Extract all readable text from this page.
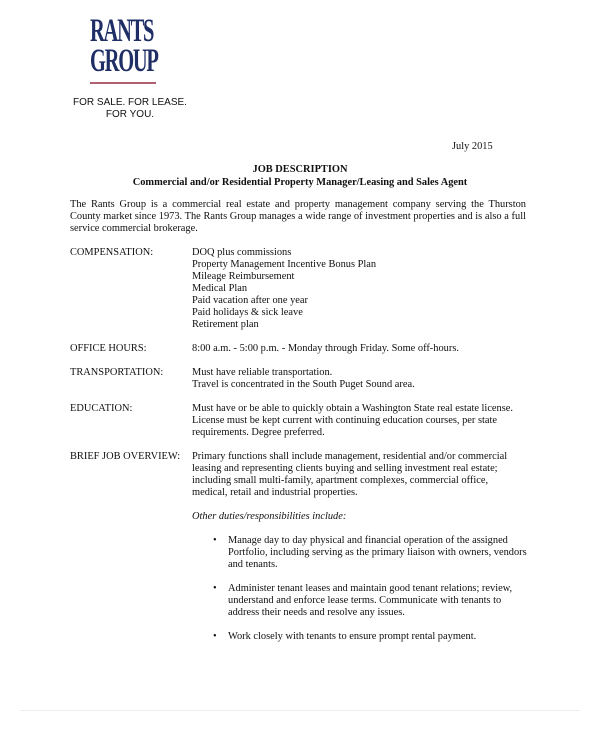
RANTS
GROUP
FOR SALE. FOR LEASE.
FOR YOU.
July 2015
JOB DESCRIPTION
Commercial and/or Residential Property Manager/Leasing and Sales Agent
The Rants Group is a commercial real estate and property management company serving the Thurston County market since 1973. The Rants Group manages a wide range of investment properties and is also a full service commercial brokerage.
COMPENSATION:	DOQ plus commissions
Property Management Incentive Bonus Plan
Mileage Reimbursement
Medical Plan
Paid vacation after one year
Paid holidays & sick leave
Retirement plan
OFFICE HOURS:	8:00 a.m. - 5:00 p.m. - Monday through Friday. Some off-hours.
TRANSPORTATION:	Must have reliable transportation.
Travel is concentrated in the South Puget Sound area.
EDUCATION:	Must have or be able to quickly obtain a Washington State real estate license. License must be kept current with continuing education courses, per state requirements. Degree preferred.
BRIEF JOB OVERVIEW: Primary functions shall include management, residential and/or commercial leasing and representing clients buying and selling investment real estate; including small multi-family, apartment complexes, commercial office, medical, retail and industrial properties.
Other duties/responsibilities include:
• Manage day to day physical and financial operation of the assigned Portfolio, including serving as the primary liaison with owners, vendors and tenants.
• Administer tenant leases and maintain good tenant relations; review, understand and enforce lease terms. Communicate with tenants to address their needs and resolve any issues.
• Work closely with tenants to ensure prompt rental payment.
